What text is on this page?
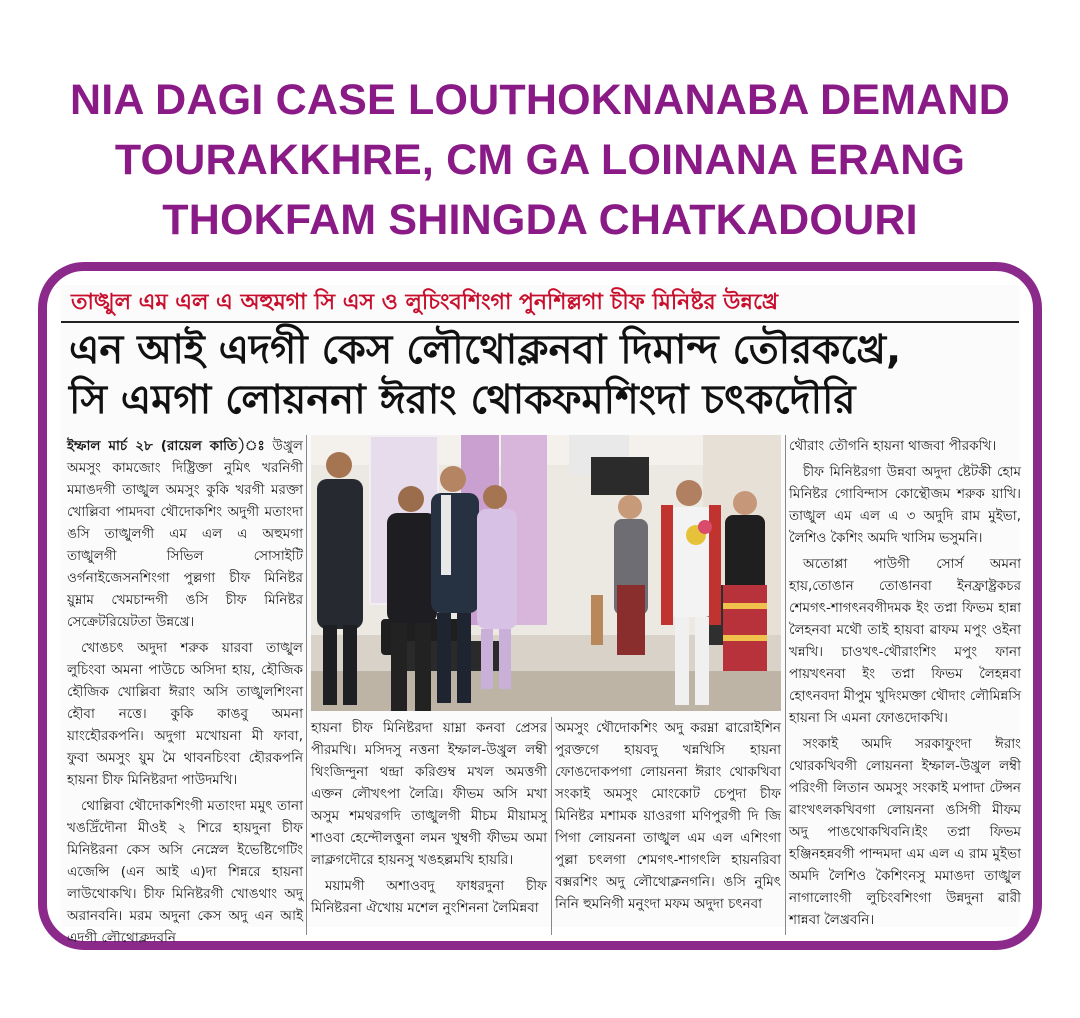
NIA DAGI CASE LOUTHOKNANABA DEMAND
TOURAKKHRE, CM GA LOINANA ERANG
THOKFAM SHINGDA CHATKADOURI
তাঙ্খুল এম এল এ অহুমগা সি এস ও লুচিংবশিংগা পুনশিল্লগা চীফ মিনিষ্টর উন্নখ্রে
এন আই এদগী কেস লৌথোক্লনবা দিমান্দ তৌরকখ্রে,
সি এমগা লোয়ননা ঈরাং থোকফমশিংদা চৎকদৌরি

ইম্ফাল মার্চ ২৮ (রায়েল কাতি)ঃ উখ্রুল অমসুং কামজোং দিষ্ট্রিক্তা নুমিৎ খরনিগী মমাঙদগী তাঙ্খুল অমসুং কুকি খরগী মরক্তা খোল্লিবা পামদবা থৌদোকশিং অদুগী মতাংদা ঙসি তাঙ্খুলগী এম এল এ অহুমগা তাঙ্খুলগী সিভিল সোসাইটি ওর্গনাইজেসনশিংগা পুল্লগা চীফ মিনিষ্টর য়ুম্নাম খেমচান্দগী ঙসি চীফ মিনিষ্টর সেক্রেটরিয়েটতা উন্নখ্রে।

খোঙচৎ অদুদা শরুক য়ারবা তাঙ্খুল লুচিংবা অমনা পাউচে অসিদা হায়, হৌজিক হৌজিক খোল্লিবা ঈরাং অসি তাঙ্খুলশিংনা হৌবা নত্তে। কুকি কাঙবু অমনা য়াংহৌরকপনি। অদুগা মখোয়না মী ফাবা, ফুবা অমসুং য়ুম মৈ থাবনচিংবা হৌরকপনি হায়না চীফ মিনিষ্টরদা পাউদমখি।

থোল্লিবা থৌদোকশিংগী মতাংদা মমুৎ তানা খঙদ্রিঁদৌনা মীওই ২ শিরে হায়দুনা চীফ মিনিষ্টরনা কেস অসি নেস্নেল ইভেষ্টিগেটিং এজেন্সি (এন আই এ)দা শিন্নরে হায়না লাউথোকখি। চীফ মিনিষ্টরগী খোঙথাং অদু অরানবনি। মরম অদুনা কেস অদু এন আই এদগী লৌথোক্লদবনি

হায়না চীফ মিনিষ্টরদা য়াম্না কনবা প্রেসর পীরমখি। মসিদসু নত্তনা ইম্ফাল-উখ্রুল লম্বী থিংজিন্দুনা থন্দ্রা করিগুম্ব মখল অমত্তগী এক্তন লৌখৎপা লৈত্রি। ফীভম অসি মখা অসুম শমথরগদি তাঙ্খুলগী মীচম মীয়ামসু শাওবা হেন্দৌলত্তুনা লমন খুম্বগী ফীভম অমা লাক্লগদৌরে হায়নসু খঙহল্লমখি হায়রি।

ময়ামগী অশাওবদু ফাধরদুনা চীফ মিনিষ্টরনা ঐখোয় মশেল নুংশিননা লৈমিন্নবা

অমসুং থৌদোকশিং অদু করম্না ৱারোইশিন পুরক্তগে হায়বদু খন্নখিসি হায়না ফোঙদোকপগা লোয়ননা ঈরাং থোকখিবা সংকাই অমসুং মোংকোট চেপুদা চীফ মিনিষ্টর মশামক য়াওরগা মণিপুরগী দি জি পিগা লোয়ননা তাঙ্খুল এম এল এশিংগা পুল্লা চৎলগা শেমগৎ-শাগৎলি হায়নরিবা বক্সরশিং অদু লৌথোক্লনগনি। ঙসি নুমিৎ নিনি হুমনিগী মনুংদা মফম অদুদা চৎনবা

থৌরাং তৌগনি হায়না থাজবা পীরকখি।

চীফ মিনিষ্টরগা উন্নবা অদুদা ষ্টেটকী হোম মিনিষ্টর গোবিন্দাস কোন্থৌজম শরুক য়াখি। তাঙ্খুল এম এল এ ৩ অদুদি রাম মুইভা, লৈশিও কৈশিং অমদি খাসিম ভসুমনি।

অতোপ্পা পাউগী সোর্স অমনা হায়,তোঙান তোঙানবা ইনফ্রাষ্ট্রকচর শেমগৎ-শাগৎনবগীদমক ইং তপ্না ফিভম হান্না লৈহনবা মথৌ তাই হায়বা ৱাফম মপুং ওইনা খন্নখি। চাওখৎ-থৌরাংশিং মপুং ফানা পায়খৎনবা ইং তপ্না ফিভম লৈহন্নবা হোৎনবদা মীপুম খুদিংমক্তা থৌদাং লৌমিন্নসি হায়না সি এমনা ফোঙদোকখি।

সংকাই অমদি সরকাফুংদা ঈরাং থোরকখিবগী লোয়ননা ইম্ফাল-উখ্রুল লম্বী পরিংগী লিতান অমসুং সংকাই মপাদা টেন্সন ৱাংখৎলকখিবগা লোয়ননা ঙসিগী মীফম অদু পাঙথোকখিবনি।ইং তপ্না ফিভম হঞ্জিনহন্নবগী পান্দমদা এম এল এ রাম মুইভা অমদি লৈশিও কৈশিংনসু মমাঙদা তাঙ্খুল নাগালোংগী লুচিংবশিংগা উন্নদুনা ৱারী শান্নবা লৈখ্রবনি।
